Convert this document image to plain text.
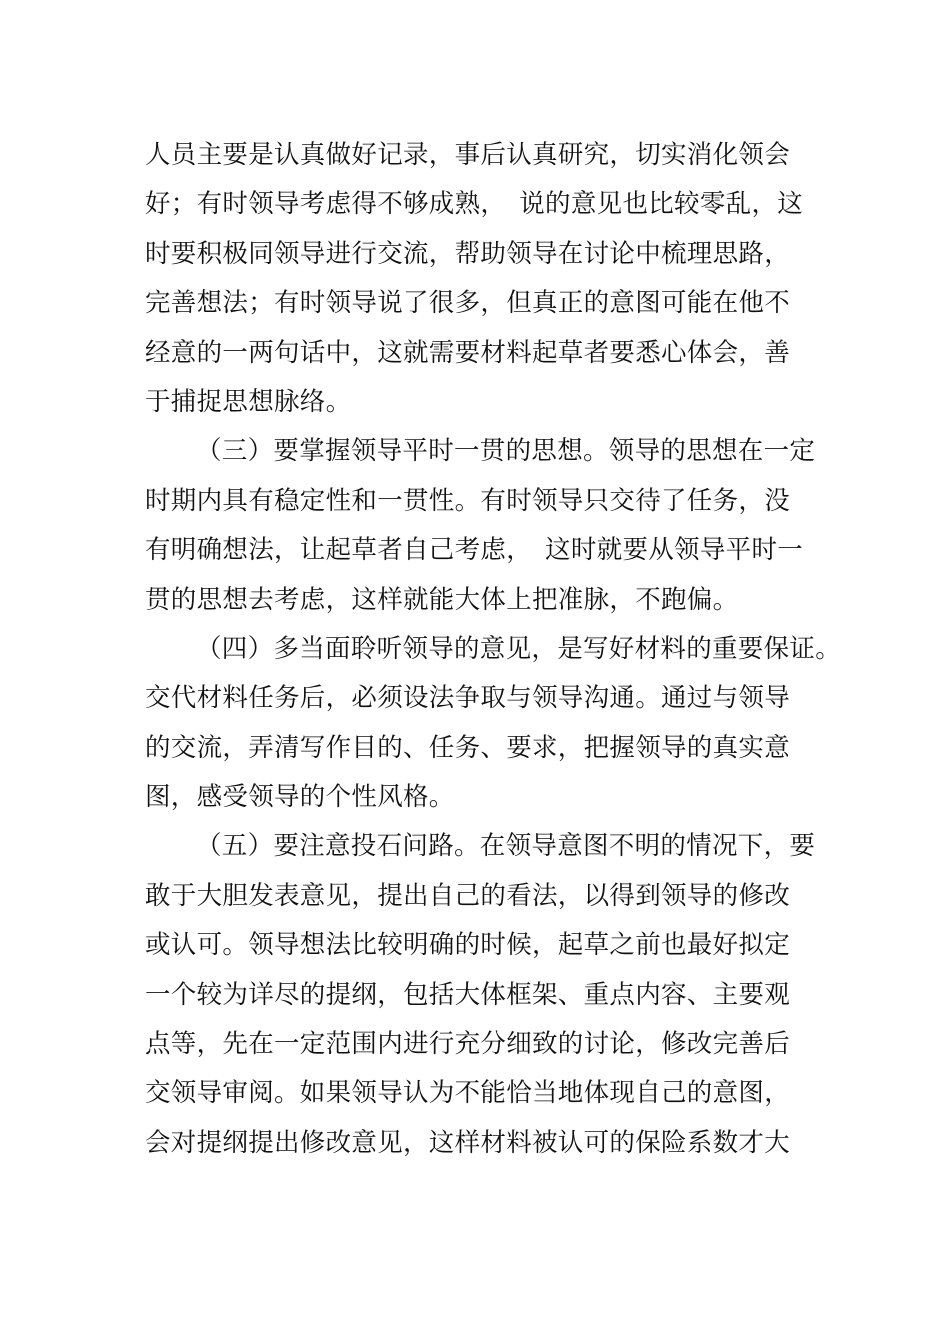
人员主要是认真做好记录，事后认真研究，切实消化领会
好；有时领导考虑得不够成熟，　说的意见也比较零乱，这
时要积极同领导进行交流，帮助领导在讨论中梳理思路，
完善想法；有时领导说了很多，但真正的意图可能在他不
经意的一两句话中，这就需要材料起草者要悉心体会，善
于捕捉思想脉络。
（三）要掌握领导平时一贯的思想。领导的思想在一定
时期内具有稳定性和一贯性。有时领导只交待了任务，没
有明确想法，让起草者自己考虑，　这时就要从领导平时一
贯的思想去考虑，这样就能大体上把准脉，不跑偏。
（四）多当面聆听领导的意见，是写好材料的重要保证。
交代材料任务后，必须设法争取与领导沟通。通过与领导
的交流，弄清写作目的、任务、要求，把握领导的真实意
图，感受领导的个性风格。
（五）要注意投石问路。在领导意图不明的情况下，要
敢于大胆发表意见，提出自己的看法，以得到领导的修改
或认可。领导想法比较明确的时候，起草之前也最好拟定
一个较为详尽的提纲，包括大体框架、重点内容、主要观
点等，先在一定范围内进行充分细致的讨论，修改完善后
交领导审阅。如果领导认为不能恰当地体现自己的意图，
会对提纲提出修改意见，这样材料被认可的保险系数才大
